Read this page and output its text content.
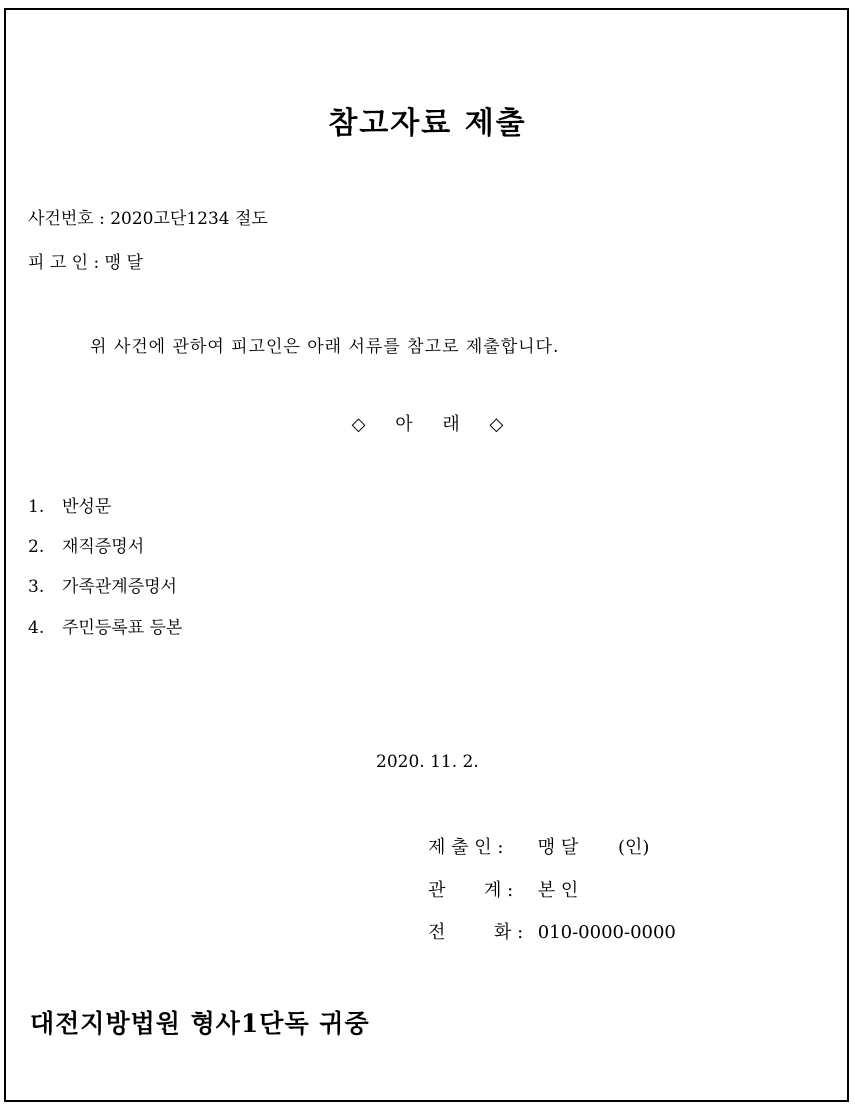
참고자료 제출
사건번호 : 2020고단1234 절도
피 고 인 : 맹 달
위 사건에 관하여 피고인은 아래 서류를 참고로 제출합니다.
◇ 아 래 ◇
1. 반성문
2. 재직증명서
3. 가족관계증명서
4. 주민등록표 등본
2020. 11. 2.
제 출 인 : 맹 달 (인)
관 계 : 본 인
전	화 : 010-0000-0000
대전지방법원 형사1단독 귀중
